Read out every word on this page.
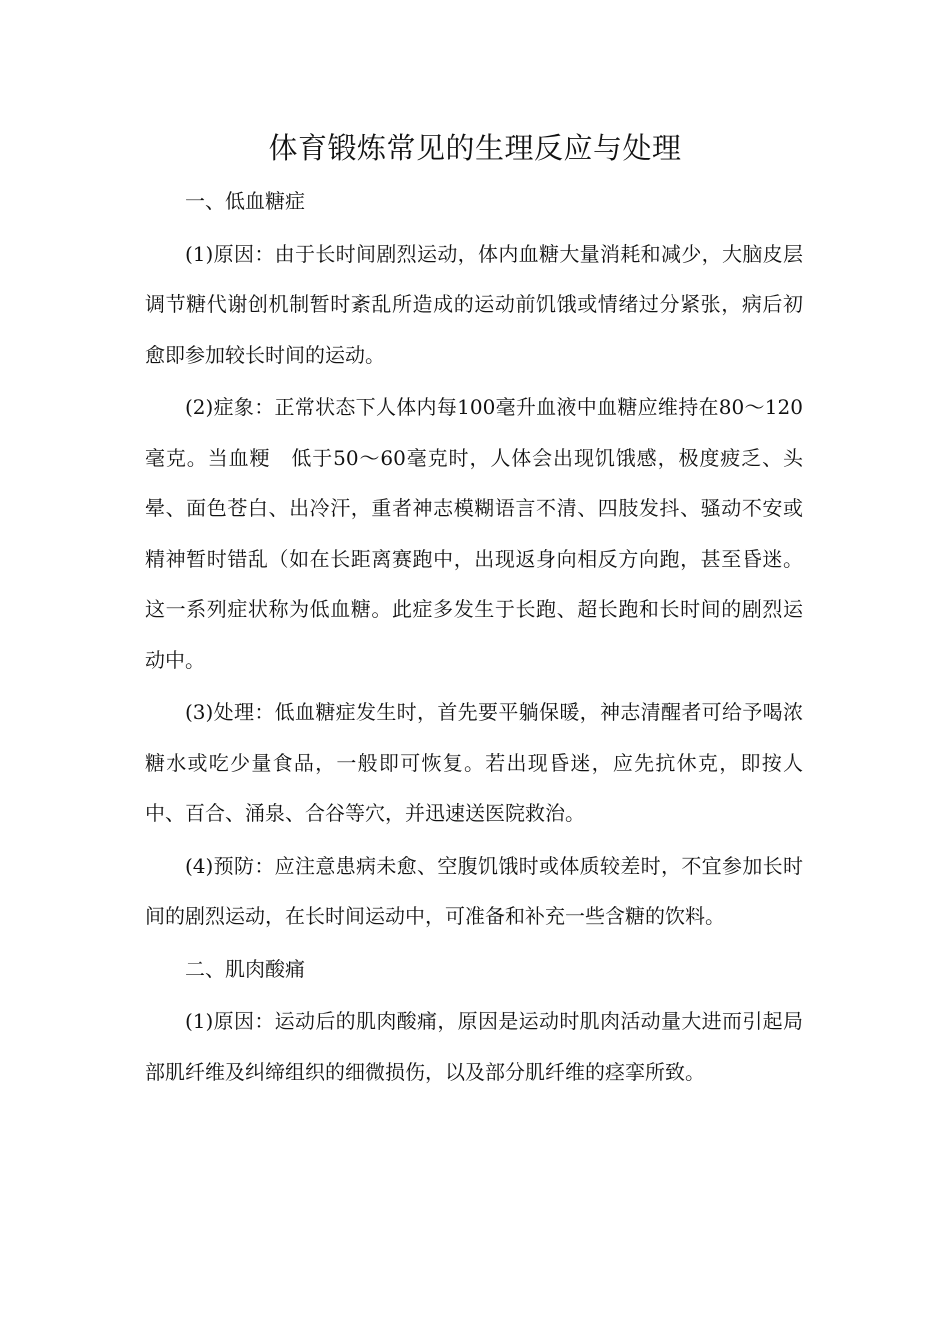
体育锻炼常见的生理反应与处理

一、低血糖症

(1)原因：由于长时间剧烈运动，体内血糖大量消耗和减少，大脑皮层调节糖代谢创机制暂时紊乱所造成的运动前饥饿或情绪过分紧张，病后初愈即参加较长时间的运动。

(2)症象：正常状态下人体内每100毫升血液中血糖应维持在80～120毫克。当血粳　低于50～60毫克时，人体会出现饥饿感，极度疲乏、头晕、面色苍白、出冷汗，重者神志模糊语言不清、四肢发抖、骚动不安或精神暂时错乱（如在长距离赛跑中，出现返身向相反方向跑，甚至昏迷。这一系列症状称为低血糖。此症多发生于长跑、超长跑和长时间的剧烈运动中。

(3)处理：低血糖症发生时，首先要平躺保暖，神志清醒者可给予喝浓糖水或吃少量食品，一般即可恢复。若出现昏迷，应先抗休克，即按人中、百合、涌泉、合谷等穴，并迅速送医院救治。

(4)预防：应注意患病未愈、空腹饥饿时或体质较差时，不宜参加长时间的剧烈运动，在长时间运动中，可准备和补充一些含糖的饮料。

二、肌肉酸痛

(1)原因：运动后的肌肉酸痛，原因是运动时肌肉活动量大进而引起局部肌纤维及纠缔组织的细微损伤，以及部分肌纤维的痉挛所致。
